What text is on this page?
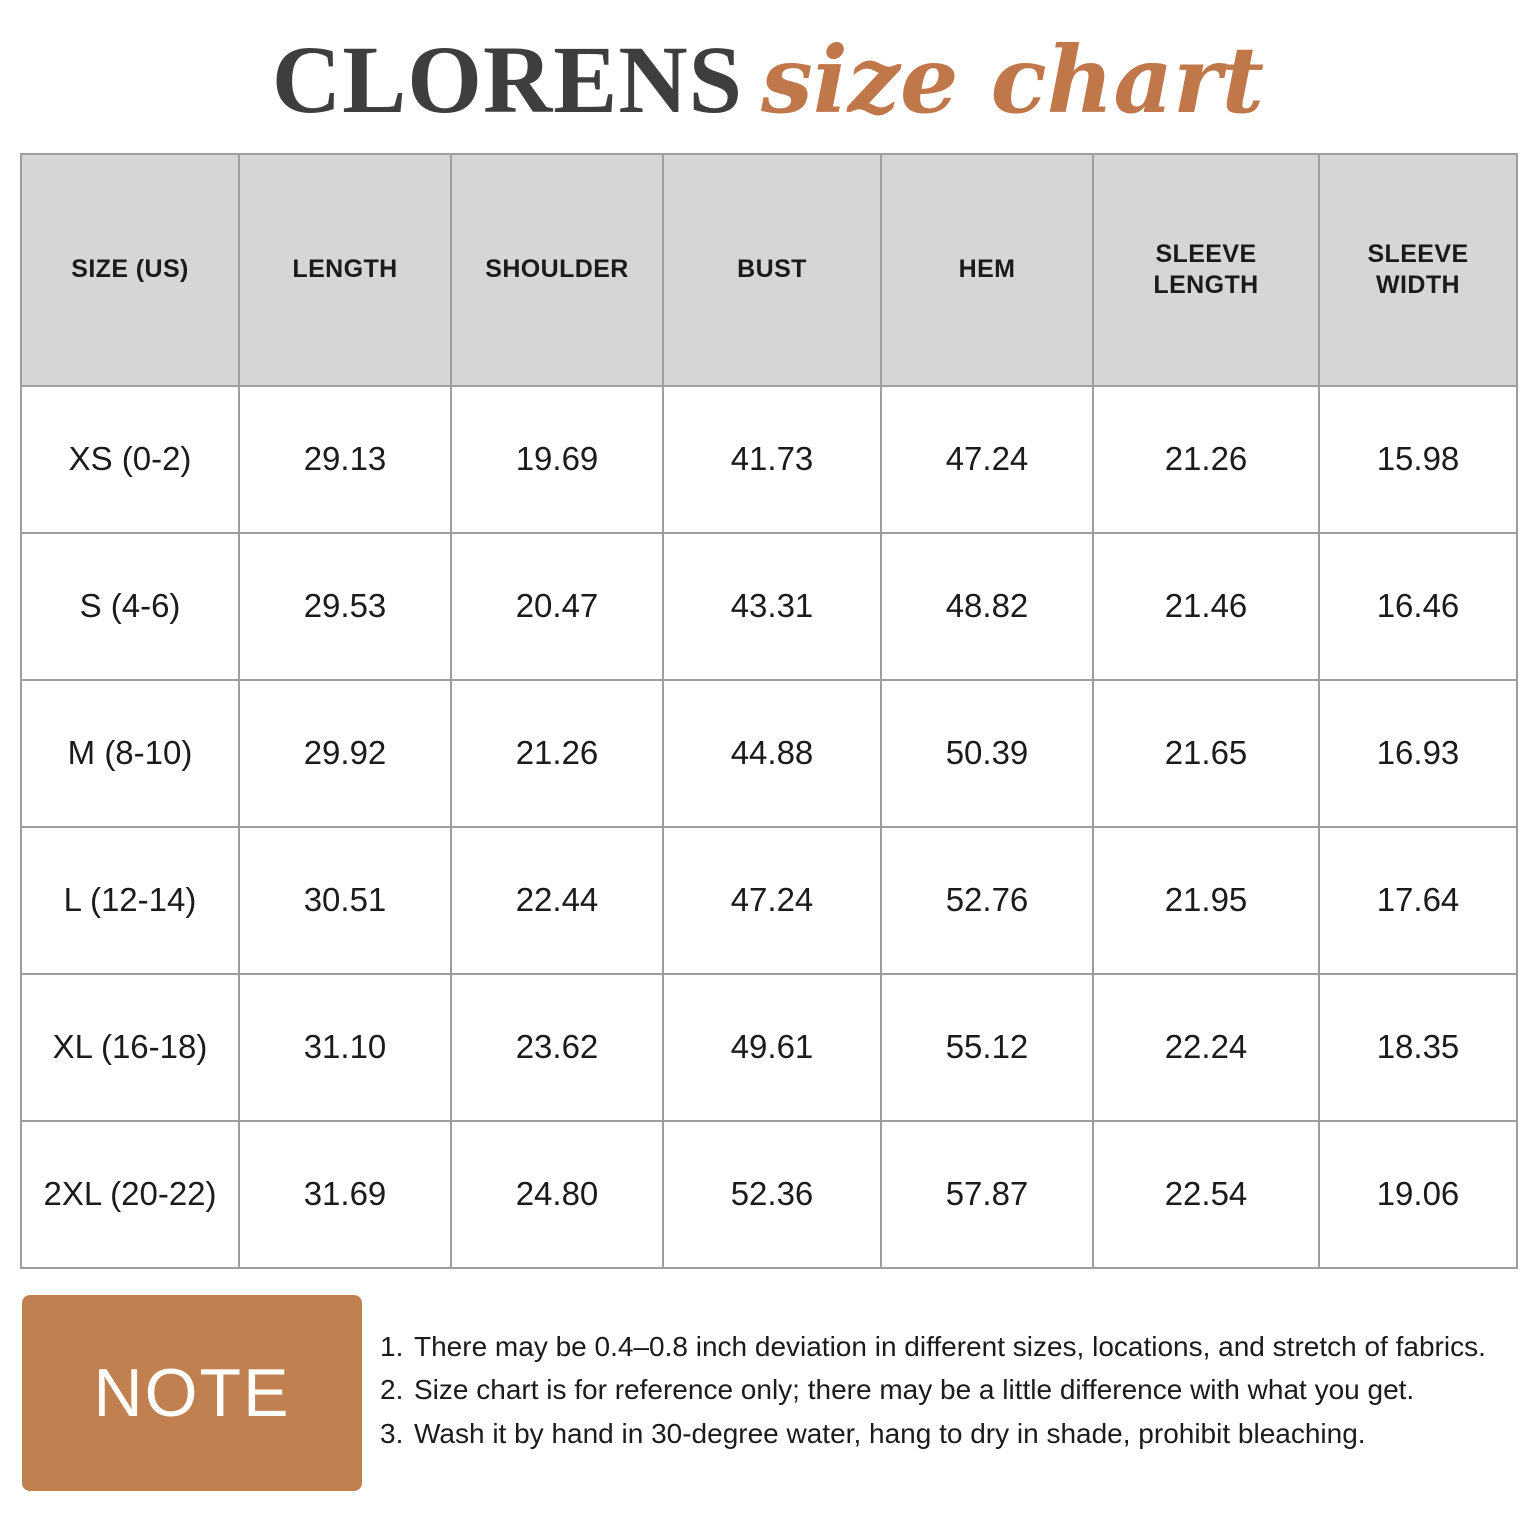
CLORENS size chart
SIZE (US)	LENGTH	SHOULDER	BUST	HEM	SLEEVE LENGTH	SLEEVE WIDTH
XS (0-2)	29.13	19.69	41.73	47.24	21.26	15.98
S (4-6)	29.53	20.47	43.31	48.82	21.46	16.46
M (8-10)	29.92	21.26	44.88	50.39	21.65	16.93
L (12-14)	30.51	22.44	47.24	52.76	21.95	17.64
XL (16-18)	31.10	23.62	49.61	55.12	22.24	18.35
2XL (20-22)	31.69	24.80	52.36	57.87	22.54	19.06
NOTE
1. There may be 0.4–0.8 inch deviation in different sizes, locations, and stretch of fabrics.
2. Size chart is for reference only; there may be a little difference with what you get.
3. Wash it by hand in 30-degree water, hang to dry in shade, prohibit bleaching.
